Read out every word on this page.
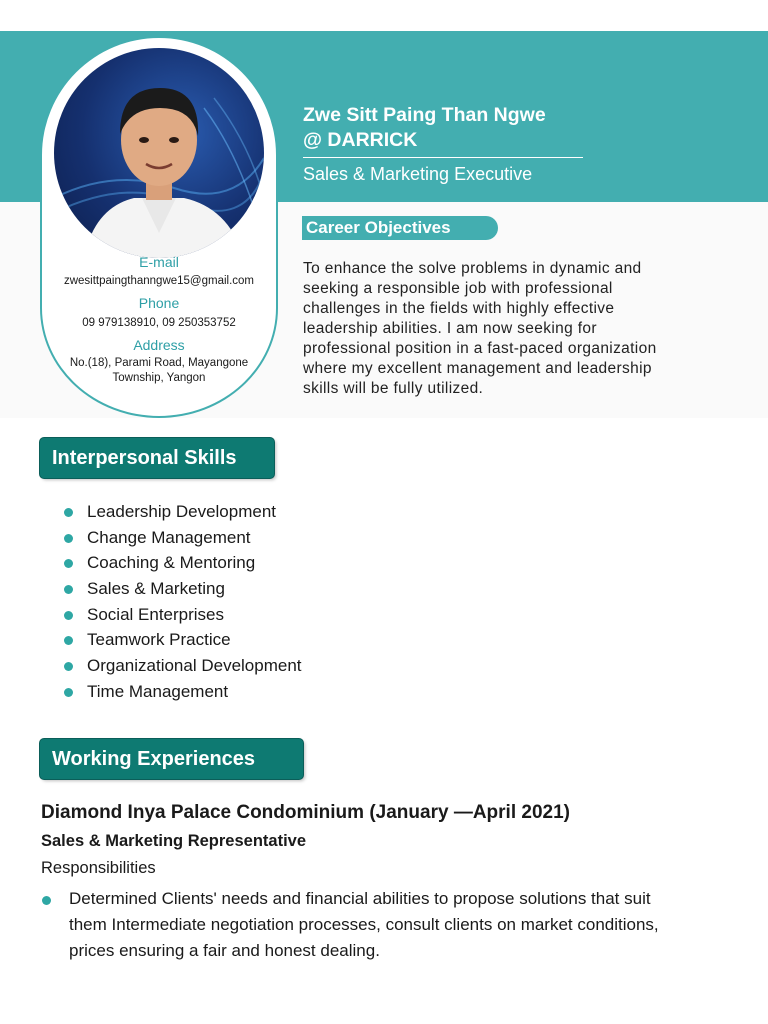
E-mail
zwesittpaingthanngwe15@gmail.com
Phone
09 979138910, 09 250353752
Address
No.(18), Parami Road, Mayangone
Township, Yangon
Zwe Sitt Paing Than Ngwe
@ DARRICK
Sales & Marketing Executive
Career Objectives
To enhance the solve problems in dynamic and
seeking a responsible job with professional
challenges in the fields with highly effective
leadership abilities. I am now seeking for
professional position in a fast-paced organization
where my excellent management and leadership
skills will be fully utilized.
Interpersonal Skills
Leadership Development
Change Management
Coaching & Mentoring
Sales & Marketing
Social Enterprises
Teamwork Practice
Organizational Development
Time Management
Working Experiences
Diamond Inya Palace Condominium (January —April 2021)
Sales & Marketing Representative
Responsibilities
Determined Clients' needs and financial abilities to propose solutions that suit
them Intermediate negotiation processes, consult clients on market conditions,
prices ensuring a fair and honest dealing.
